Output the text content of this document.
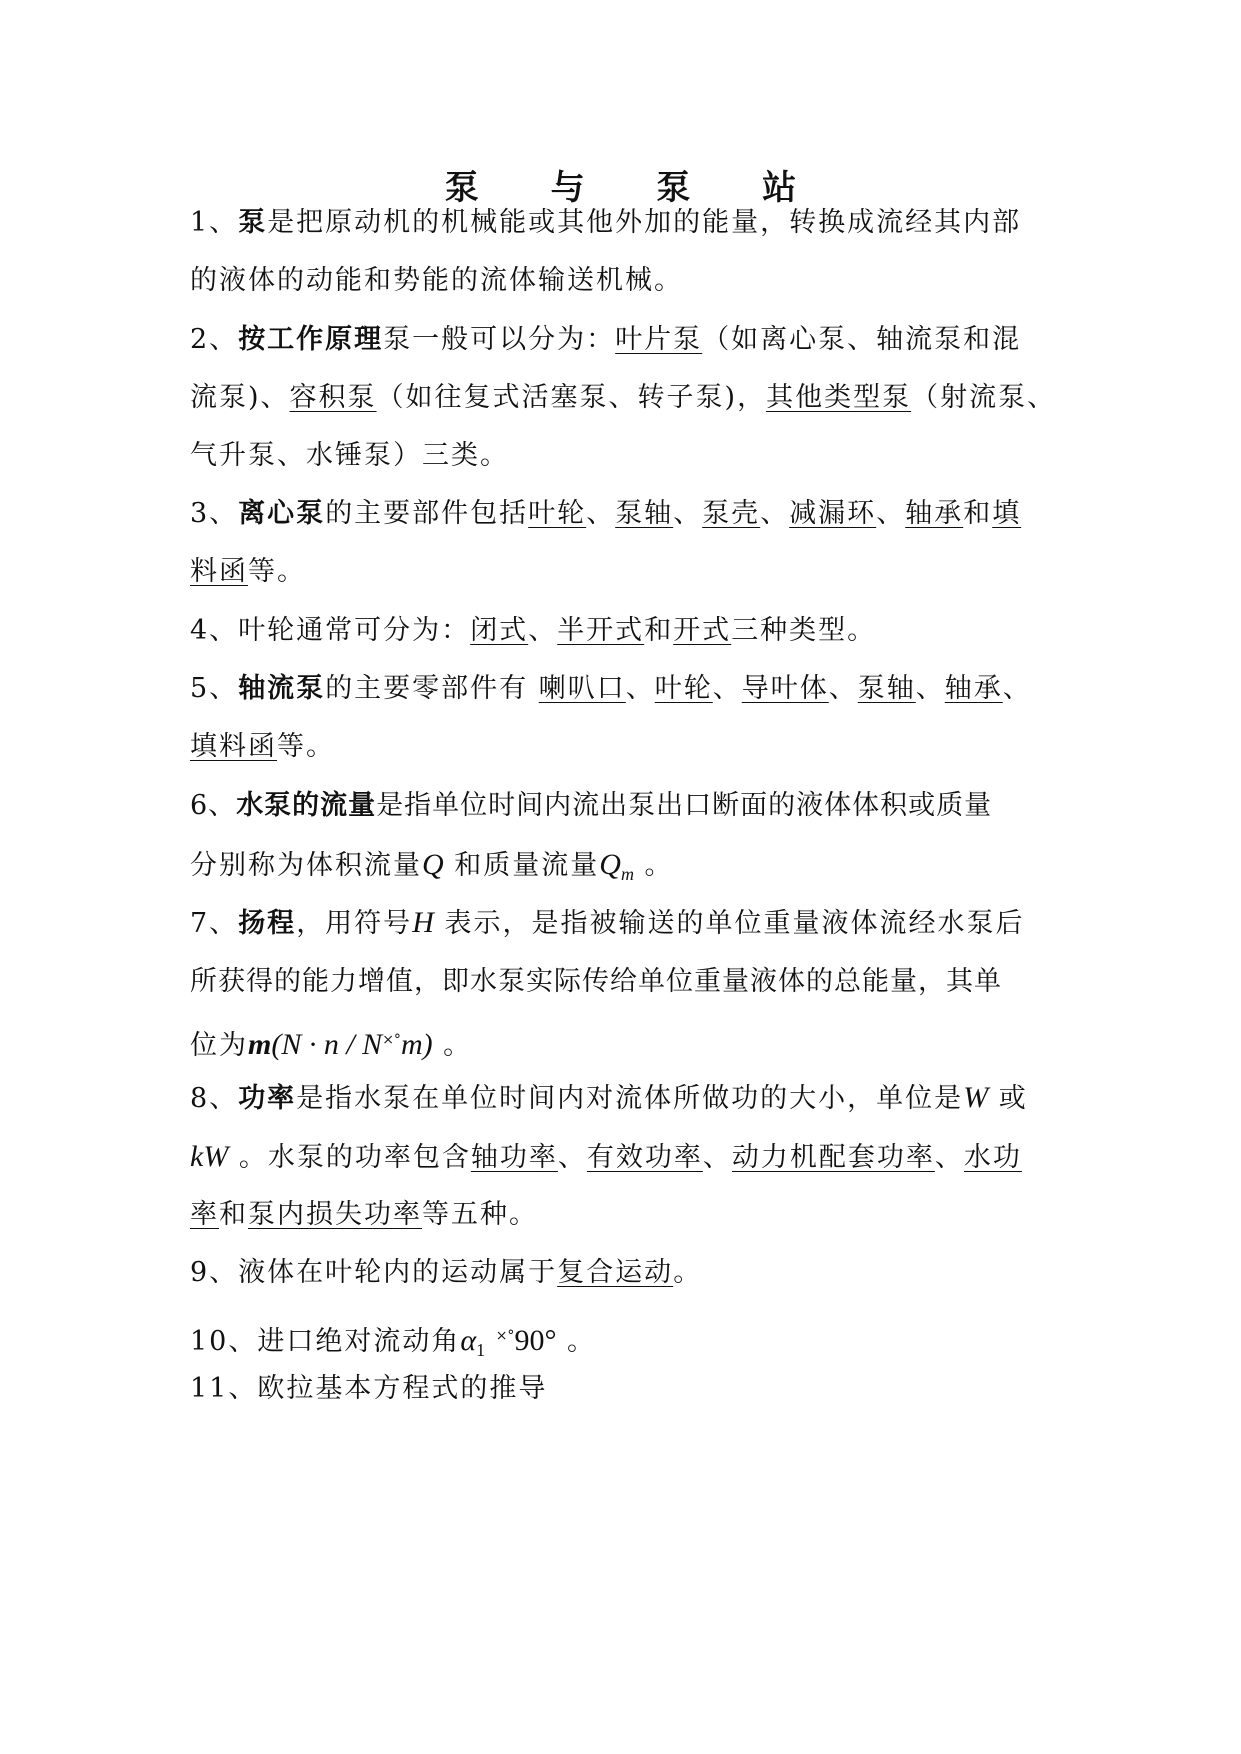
泵 与 泵 站
1、泵是把原动机的机械能或其他外加的能量，转换成流经其内部
的液体的动能和势能的流体输送机械。
2、按工作原理泵一般可以分为：叶片泵（如离心泵、轴流泵和混
流泵)、容积泵（如往复式活塞泵、转子泵)，其他类型泵（射流泵、
气升泵、水锤泵）三类。
3、离心泵的主要部件包括叶轮、泵轴、泵壳、减漏环、轴承和填
料函等。
4、叶轮通常可分为：闭式、半开式和开式三种类型。
5、轴流泵的主要零部件有 喇叭口、叶轮、导叶体、泵轴、轴承、
填料函等。
6、水泵的流量是指单位时间内流出泵出口断面的液体体积或质量
分别称为体积流量Q 和质量流量$Q_m$ 。
7、扬程，用符号H 表示，是指被输送的单位重量液体流经水泵后
所获得的能力增值，即水泵实际传给单位重量液体的总能量，其单
位为m(N · n / N×°m) 。
8、功率是指水泵在单位时间内对流体所做功的大小，单位是W 或
kW 。水泵的功率包含轴功率、有效功率、动力机配套功率、水功
率和泵内损失功率等五种。
9、液体在叶轮内的运动属于复合运动。
10、进口绝对流动角$\alpha_1$ ×°90° 。
11、欧拉基本方程式的推导
